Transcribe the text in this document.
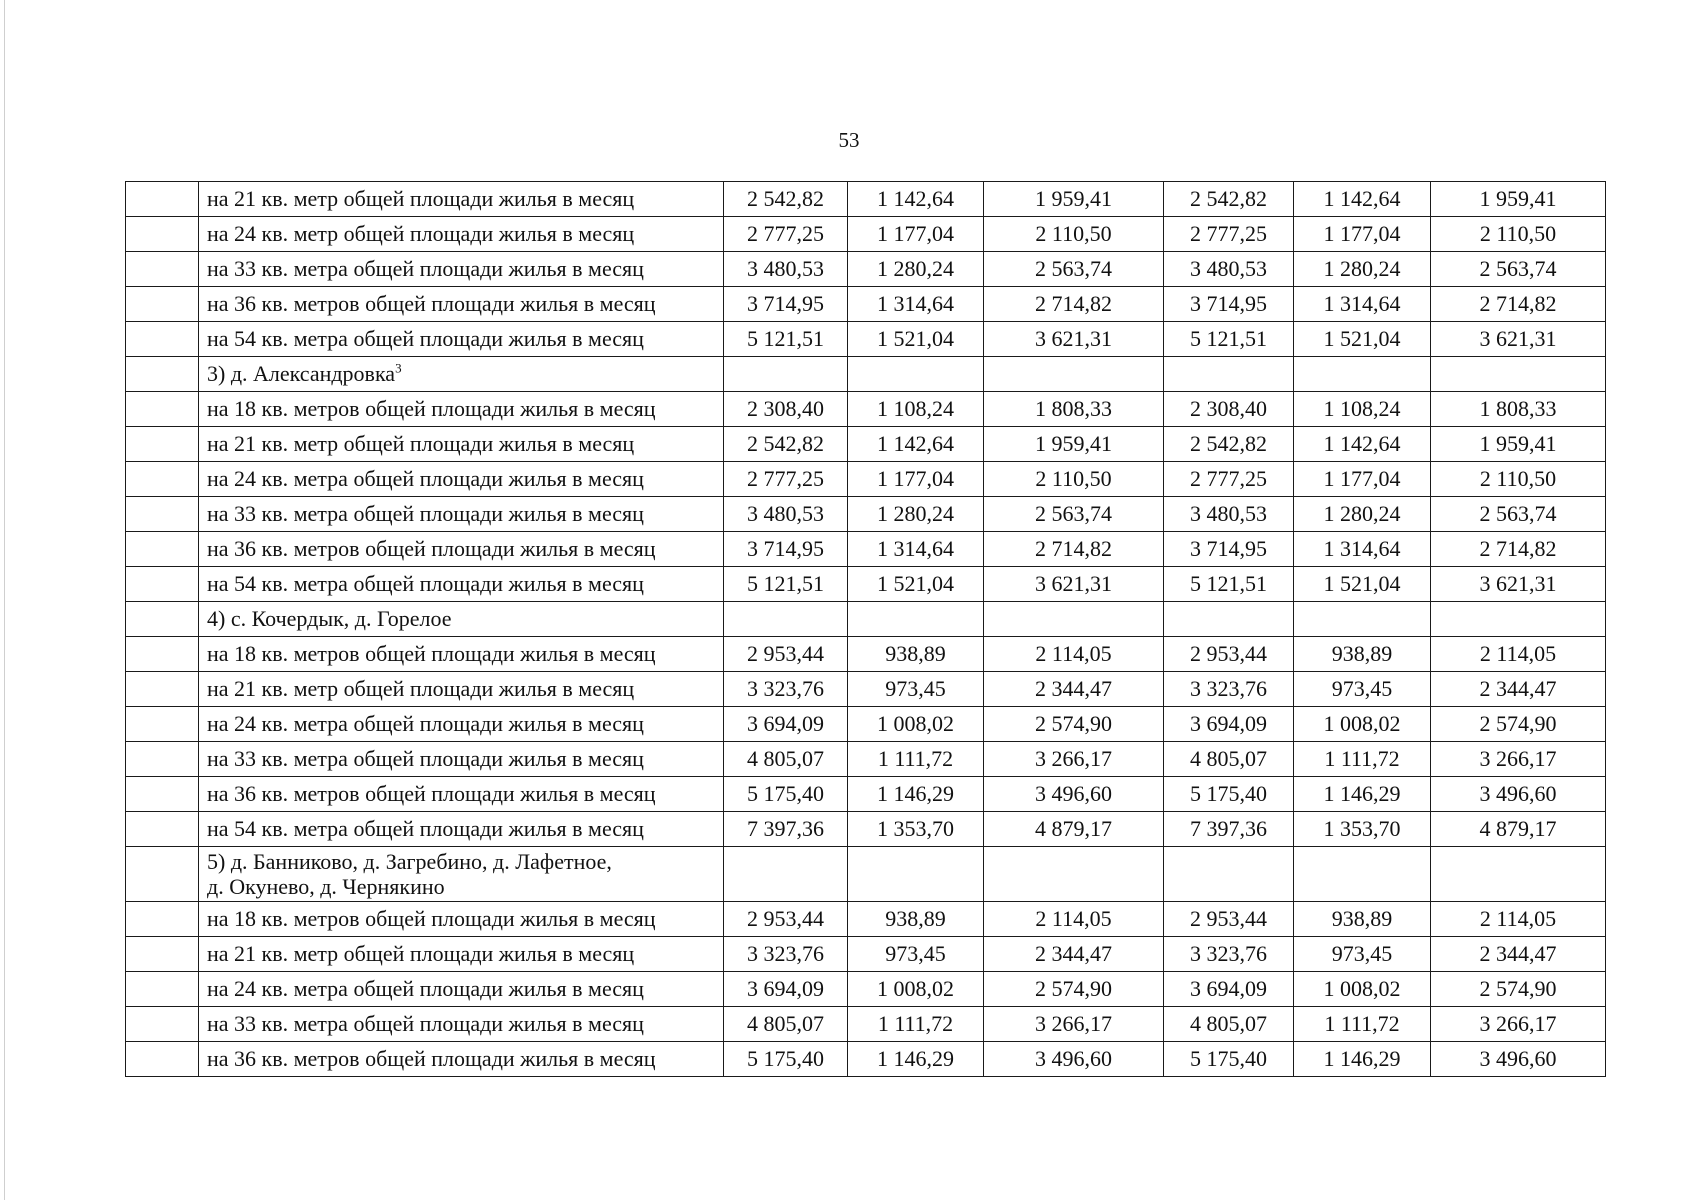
53
	на 21 кв. метр общей площади жилья в месяц	2 542,82	1 142,64	1 959,41	2 542,82	1 142,64	1 959,41
	на 24 кв. метр общей площади жилья в месяц	2 777,25	1 177,04	2 110,50	2 777,25	1 177,04	2 110,50
	на 33 кв. метра общей площади жилья в месяц	3 480,53	1 280,24	2 563,74	3 480,53	1 280,24	2 563,74
	на 36 кв. метров общей площади жилья в месяц	3 714,95	1 314,64	2 714,82	3 714,95	1 314,64	2 714,82
	на 54 кв. метра общей площади жилья в месяц	5 121,51	1 521,04	3 621,31	5 121,51	1 521,04	3 621,31
	3) д. Александровка$^3$						
	на 18 кв. метров общей площади жилья в месяц	2 308,40	1 108,24	1 808,33	2 308,40	1 108,24	1 808,33
	на 21 кв. метр общей площади жилья в месяц	2 542,82	1 142,64	1 959,41	2 542,82	1 142,64	1 959,41
	на 24 кв. метра общей площади жилья в месяц	2 777,25	1 177,04	2 110,50	2 777,25	1 177,04	2 110,50
	на 33 кв. метра общей площади жилья в месяц	3 480,53	1 280,24	2 563,74	3 480,53	1 280,24	2 563,74
	на 36 кв. метров общей площади жилья в месяц	3 714,95	1 314,64	2 714,82	3 714,95	1 314,64	2 714,82
	на 54 кв. метра общей площади жилья в месяц	5 121,51	1 521,04	3 621,31	5 121,51	1 521,04	3 621,31
	4) с. Кочердык, д. Горелое						
	на 18 кв. метров общей площади жилья в месяц	2 953,44	938,89	2 114,05	2 953,44	938,89	2 114,05
	на 21 кв. метр общей площади жилья в месяц	3 323,76	973,45	2 344,47	3 323,76	973,45	2 344,47
	на 24 кв. метра общей площади жилья в месяц	3 694,09	1 008,02	2 574,90	3 694,09	1 008,02	2 574,90
	на 33 кв. метра общей площади жилья в месяц	4 805,07	1 111,72	3 266,17	4 805,07	1 111,72	3 266,17
	на 36 кв. метров общей площади жилья в месяц	5 175,40	1 146,29	3 496,60	5 175,40	1 146,29	3 496,60
	на 54 кв. метра общей площади жилья в месяц	7 397,36	1 353,70	4 879,17	7 397,36	1 353,70	4 879,17
	5) д. Банниково, д. Загребино, д. Лафетное,
д. Окунево, д. Чернякино						
	на 18 кв. метров общей площади жилья в месяц	2 953,44	938,89	2 114,05	2 953,44	938,89	2 114,05
	на 21 кв. метр общей площади жилья в месяц	3 323,76	973,45	2 344,47	3 323,76	973,45	2 344,47
	на 24 кв. метра общей площади жилья в месяц	3 694,09	1 008,02	2 574,90	3 694,09	1 008,02	2 574,90
	на 33 кв. метра общей площади жилья в месяц	4 805,07	1 111,72	3 266,17	4 805,07	1 111,72	3 266,17
	на 36 кв. метров общей площади жилья в месяц	5 175,40	1 146,29	3 496,60	5 175,40	1 146,29	3 496,60
